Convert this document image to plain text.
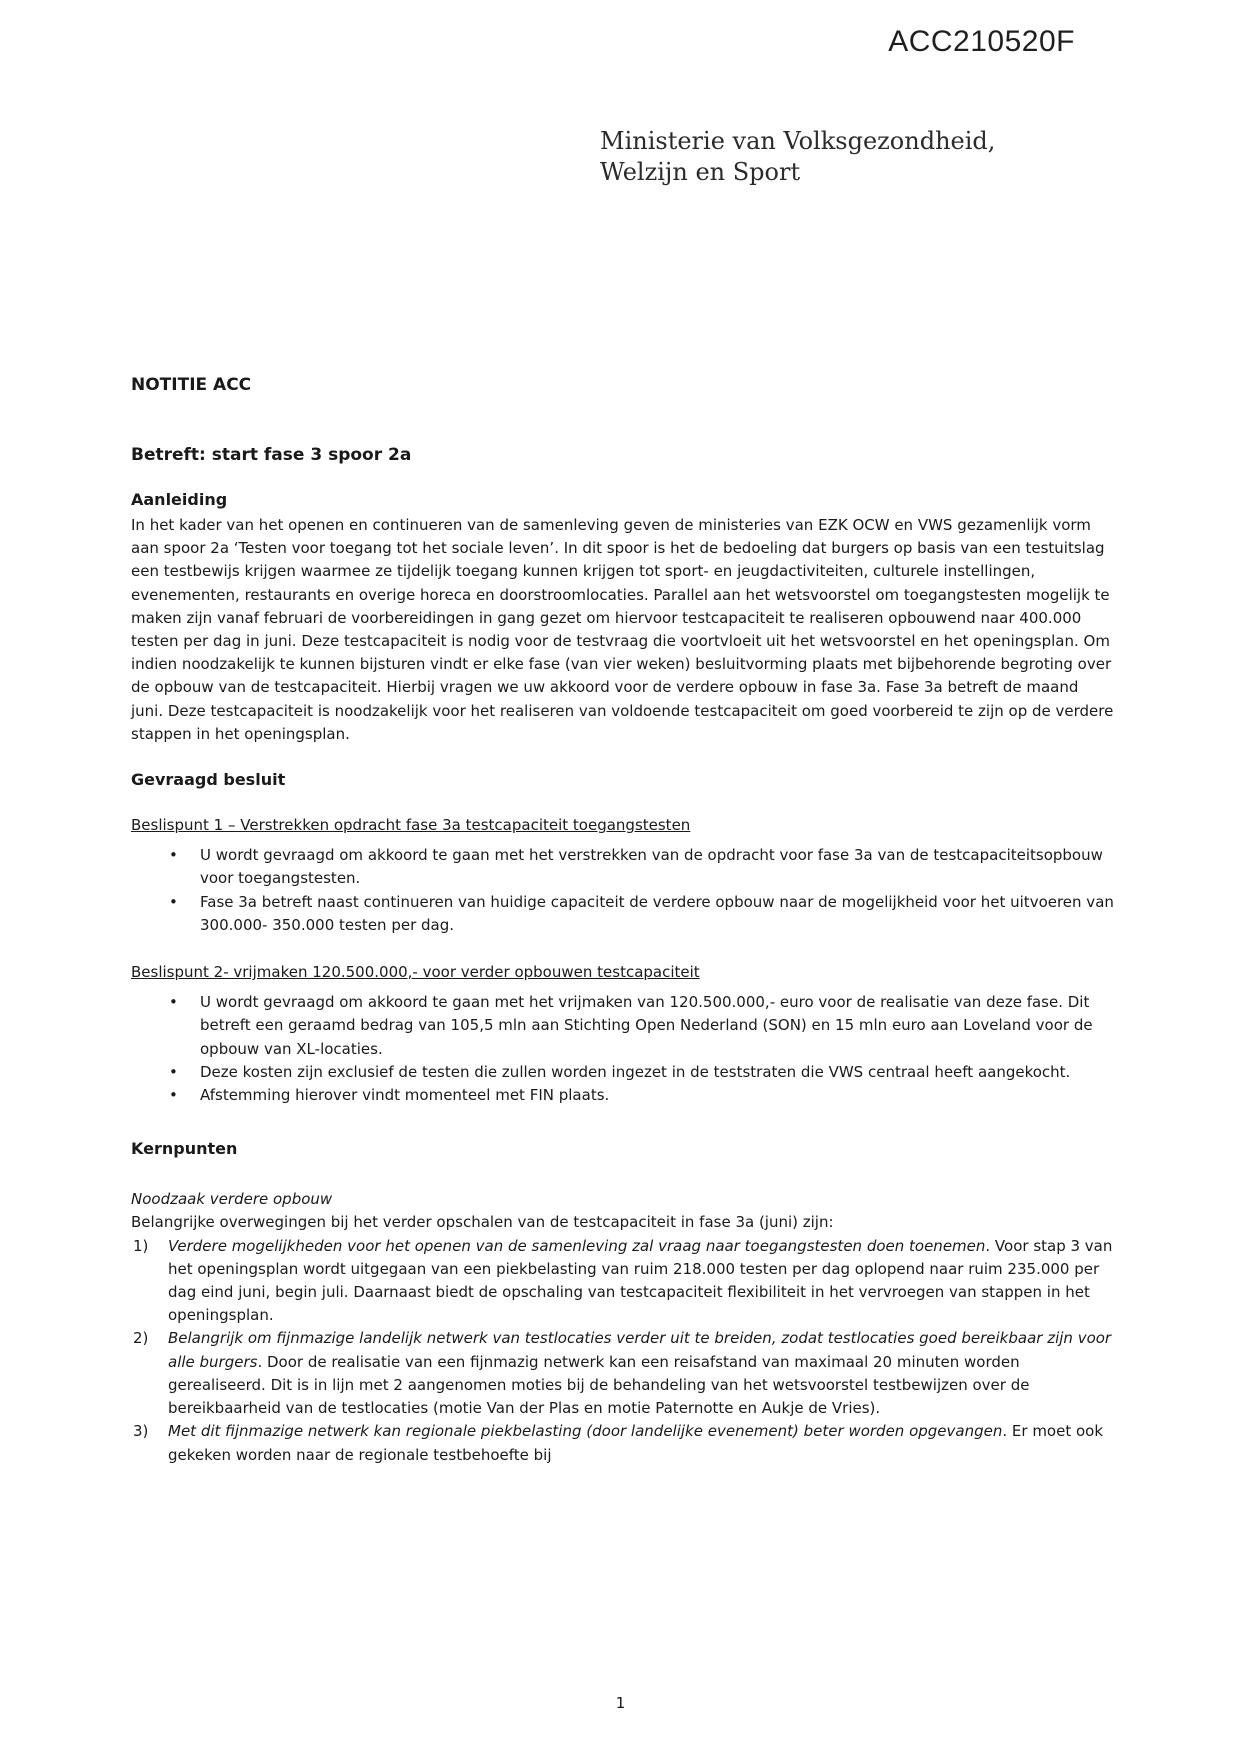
ACC210520F
Ministerie van Volksgezondheid,
Welzijn en Sport
NOTITIE ACC
Betreft: start fase 3 spoor 2a
Aanleiding
In het kader van het openen en continueren van de samenleving geven de ministeries van EZK OCW en VWS gezamenlijk vorm aan spoor 2a ‘Testen voor toegang tot het sociale leven’. In dit spoor is het de bedoeling dat burgers op basis van een testuitslag een testbewijs krijgen waarmee ze tijdelijk toegang kunnen krijgen tot sport- en jeugdactiviteiten, culturele instellingen, evenementen, restaurants en overige horeca en doorstroomlocaties. Parallel aan het wetsvoorstel om toegangstesten mogelijk te maken zijn vanaf februari de voorbereidingen in gang gezet om hiervoor testcapaciteit te realiseren opbouwend naar 400.000 testen per dag in juni. Deze testcapaciteit is nodig voor de testvraag die voortvloeit uit het wetsvoorstel en het openingsplan. Om indien noodzakelijk te kunnen bijsturen vindt er elke fase (van vier weken) besluitvorming plaats met bijbehorende begroting over de opbouw van de testcapaciteit. Hierbij vragen we uw akkoord voor de verdere opbouw in fase 3a. Fase 3a betreft de maand juni. Deze testcapaciteit is noodzakelijk voor het realiseren van voldoende testcapaciteit om goed voorbereid te zijn op de verdere stappen in het openingsplan.
Gevraagd besluit
Beslispunt 1 – Verstrekken opdracht fase 3a testcapaciteit toegangstesten
• U wordt gevraagd om akkoord te gaan met het verstrekken van de opdracht voor fase 3a van de testcapaciteitsopbouw voor toegangstesten.
• Fase 3a betreft naast continueren van huidige capaciteit de verdere opbouw naar de mogelijkheid voor het uitvoeren van 300.000- 350.000 testen per dag.
Beslispunt 2- vrijmaken 120.500.000,- voor verder opbouwen testcapaciteit
• U wordt gevraagd om akkoord te gaan met het vrijmaken van 120.500.000,- euro voor de realisatie van deze fase. Dit betreft een geraamd bedrag van 105,5 mln aan Stichting Open Nederland (SON) en 15 mln euro aan Loveland voor de opbouw van XL-locaties.
• Deze kosten zijn exclusief de testen die zullen worden ingezet in de teststraten die VWS centraal heeft aangekocht.
• Afstemming hierover vindt momenteel met FIN plaats.
Kernpunten
Noodzaak verdere opbouw
Belangrijke overwegingen bij het verder opschalen van de testcapaciteit in fase 3a (juni) zijn:
1) Verdere mogelijkheden voor het openen van de samenleving zal vraag naar toegangstesten doen toenemen. Voor stap 3 van het openingsplan wordt uitgegaan van een piekbelasting van ruim 218.000 testen per dag oplopend naar ruim 235.000 per dag eind juni, begin juli. Daarnaast biedt de opschaling van testcapaciteit flexibiliteit in het vervroegen van stappen in het openingsplan.
2) Belangrijk om fijnmazige landelijk netwerk van testlocaties verder uit te breiden, zodat testlocaties goed bereikbaar zijn voor alle burgers. Door de realisatie van een fijnmazig netwerk kan een reisafstand van maximaal 20 minuten worden gerealiseerd. Dit is in lijn met 2 aangenomen moties bij de behandeling van het wetsvoorstel testbewijzen over de bereikbaarheid van de testlocaties (motie Van der Plas en motie Paternotte en Aukje de Vries).
3) Met dit fijnmazige netwerk kan regionale piekbelasting (door landelijke evenement) beter worden opgevangen. Er moet ook gekeken worden naar de regionale testbehoefte bij
1
